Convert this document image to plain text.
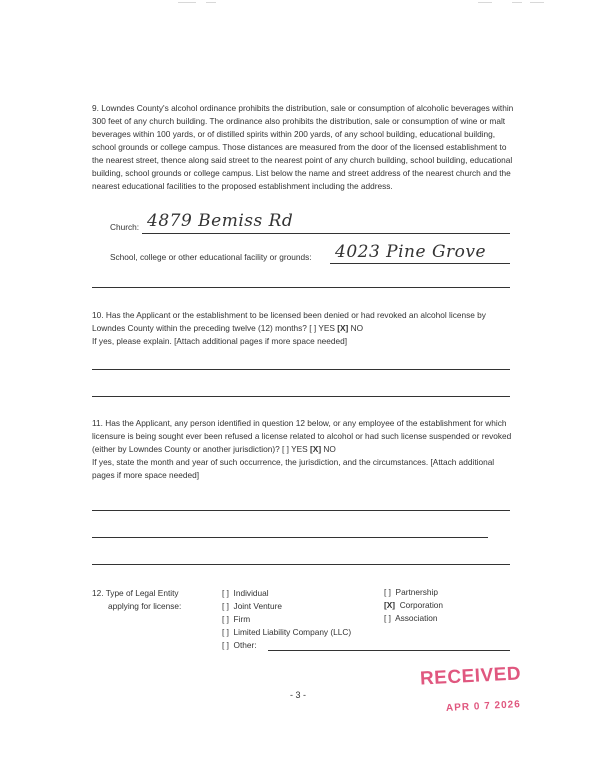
9. Lowndes County's alcohol ordinance prohibits the distribution, sale or consumption of alcoholic beverages within 300 feet of any church building. The ordinance also prohibits the distribution, sale or consumption of wine or malt beverages within 100 yards, or of distilled spirits within 200 yards, of any school building, educational building, school grounds or college campus. Those distances are measured from the door of the licensed establishment to the nearest street, thence along said street to the nearest point of any church building, school building, educational building, school grounds or college campus. List below the name and street address of the nearest church and the nearest educational facilities to the proposed establishment including the address.
Church: 4879 Bemiss Rd
School, college or other educational facility or grounds: 4023 Pine Grove
10. Has the Applicant or the establishment to be licensed been denied or had revoked an alcohol license by Lowndes County within the preceding twelve (12) months? [ ] YES [X] NO
If yes, please explain. [Attach additional pages if more space needed]
11. Has the Applicant, any person identified in question 12 below, or any employee of the establishment for which licensure is being sought ever been refused a license related to alcohol or had such license suspended or revoked (either by Lowndes County or another jurisdiction)? [ ] YES [X] NO
If yes, state the month and year of such occurrence, the jurisdiction, and the circumstances. [Attach additional pages if more space needed]
12. Type of Legal Entity
applying for license:
[ ] Individual
[ ] Joint Venture
[ ] Firm
[ ] Limited Liability Company (LLC)
[ ] Other:
[ ] Partnership
[X] Corporation
[ ] Association
- 3 -
RECEIVED
APR 0 7 2026
